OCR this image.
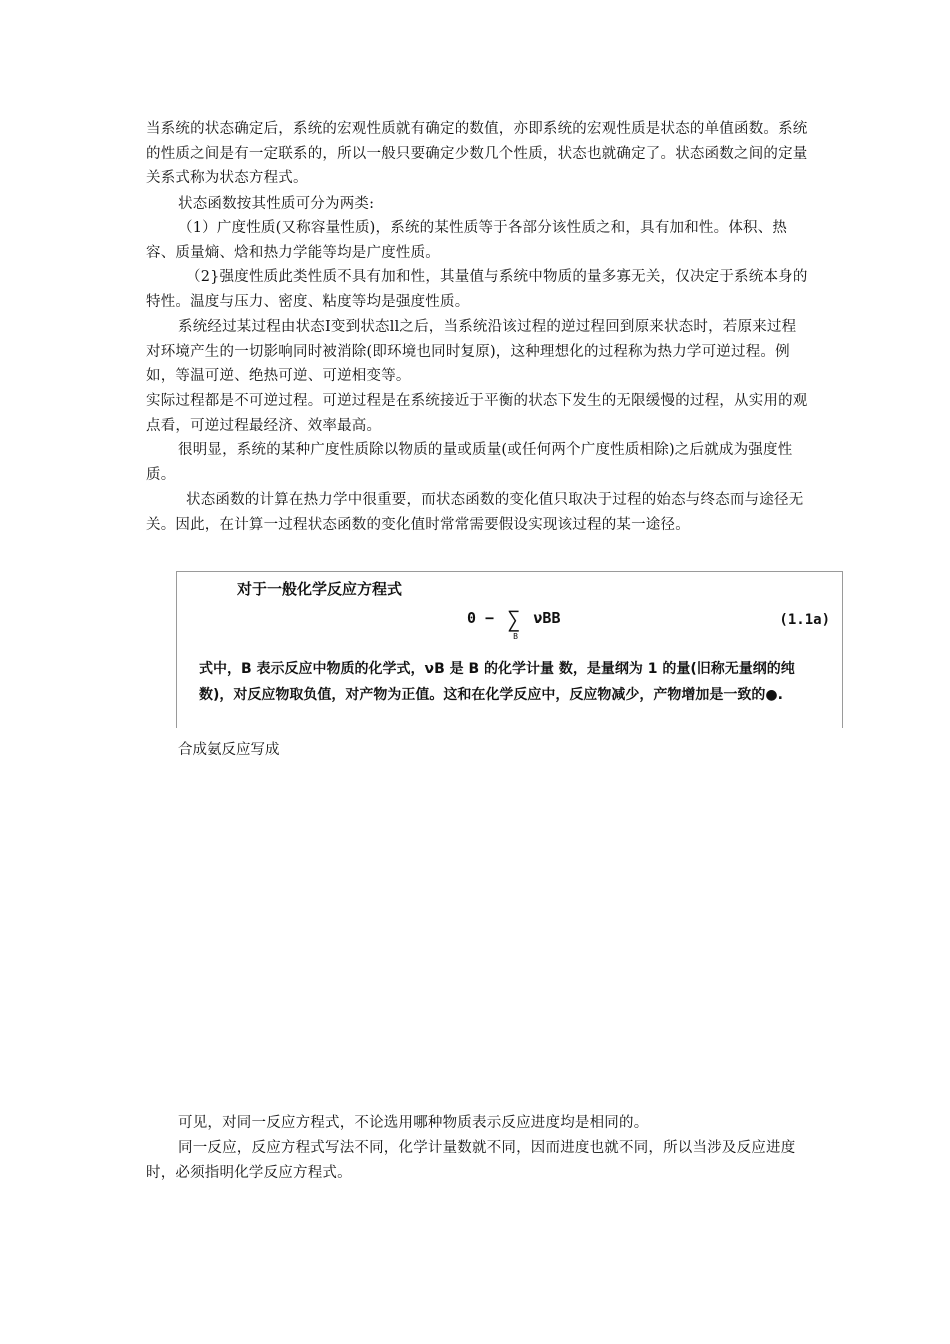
当系统的状态确定后，系统的宏观性质就有确定的数值，亦即系统的宏观性质是状态的单值函数。系统的性质之间是有一定联系的，所以一般只要确定少数几个性质，状态也就确定了。状态函数之间的定量关系式称为状态方程式。

状态函数按其性质可分为两类:

（1）广度性质(又称容量性质)，系统的某性质等于各部分该性质之和，具有加和性。体积、热容、质量熵、焓和热力学能等均是广度性质。

（2}强度性质此类性质不具有加和性，其量值与系统中物质的量多寡无关，仅决定于系统本身的特性。温度与压力、密度、粘度等均是强度性质。

系统经过某过程由状态I变到状态ll之后，当系统沿该过程的逆过程回到原来状态时，若原来过程对环境产生的一切影响同时被消除(即环境也同时复原)，这种理想化的过程称为热力学可逆过程。例如，等温可逆、绝热可逆、可逆相变等。

实际过程都是不可逆过程。可逆过程是在系统接近于平衡的状态下发生的无限缓慢的过程，从实用的观点看，可逆过程最经济、效率最高。

很明显，系统的某种广度性质除以物质的量或质量(或任何两个广度性质相除)之后就成为强度性质。

状态函数的计算在热力学中很重要，而状态函数的变化值只取决于过程的始态与终态而与途径无关。因此，在计算一过程状态函数的变化值时常常需要假设实现该过程的某一途径。

对于一般化学反应方程式
0 − ∑
B
νBB	(1.1a)
式中，B 表示反应中物质的化学式，νB 是 B 的化学计量 数，是量纲为 1 的量(旧称无量纲的纯数)，对反应物取负值，对产物为正值。这和在化学反应中，反应物减少，产物增加是一致的●.
合成氨反应写成

可见，对同一反应方程式，不论选用哪种物质表示反应进度均是相同的。

同一反应，反应方程式写法不同，化学计量数就不同，因而进度也就不同，所以当涉及反应进度时，必须指明化学反应方程式。
